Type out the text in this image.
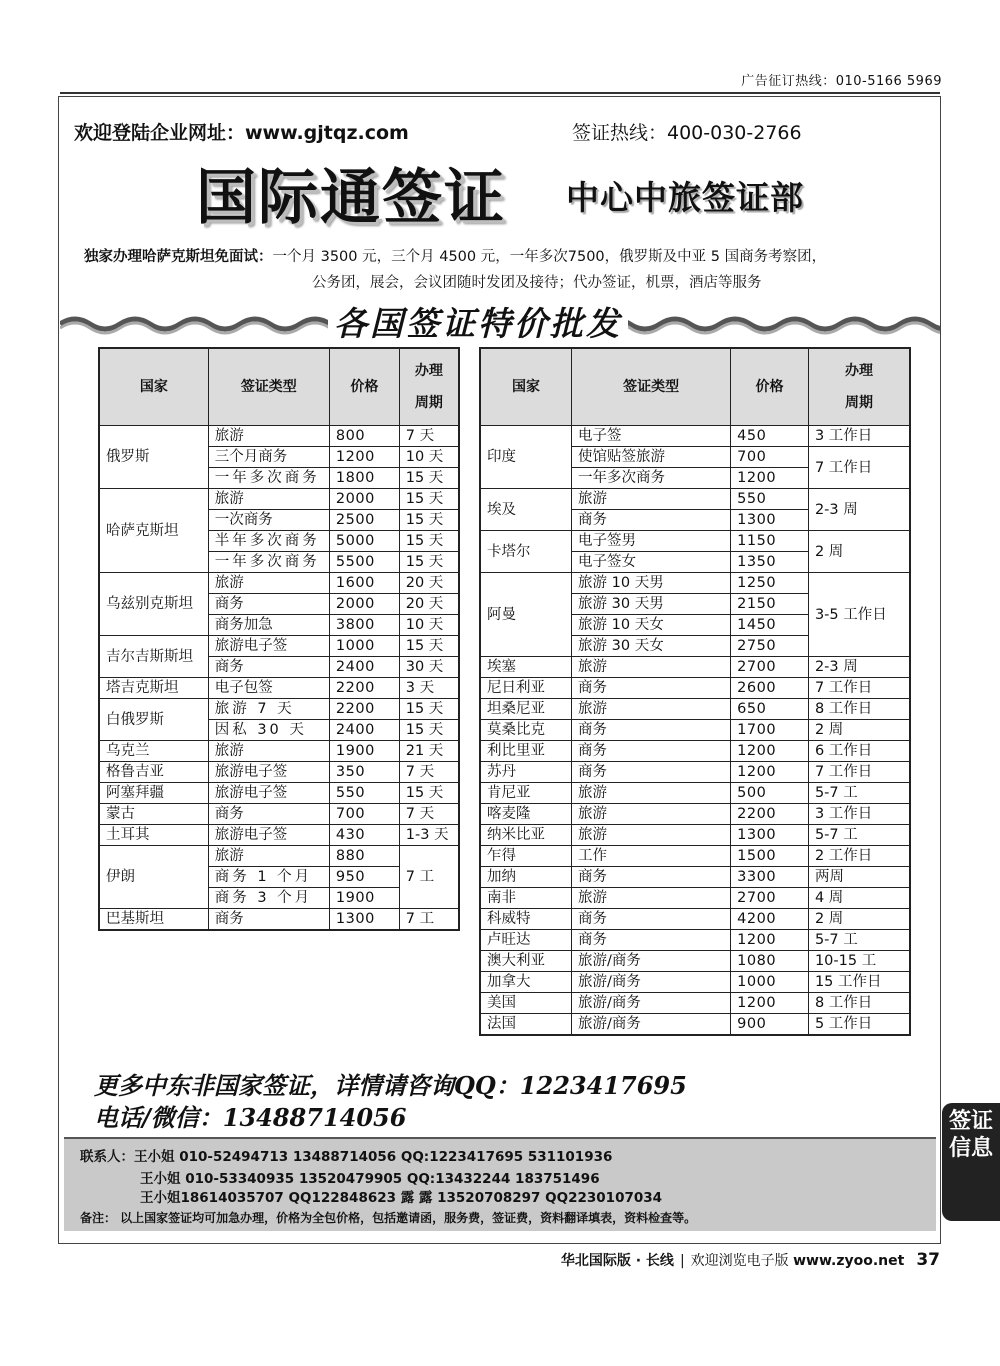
广告征订热线：010-5166 5969
欢迎登陆企业网址：www.gjtqz.com	签证热线：400-030-2766
国际通签证 中心中旅签证部
独家办理哈萨克斯坦免面试：一个月 3500 元，三个月 4500 元，一年多次7500，俄罗斯及中亚 5 国商务考察团，
公务团，展会，会议团随时发团及接待；代办签证，机票，酒店等服务
各国签证特价批发
国家	签证类型	价格	办理
周期

俄罗斯	旅游	800	7 天
	三个月商务	1200	10 天
	一年多次商务	1800	15 天
哈萨克斯坦	旅游	2000	15 天
	一次商务	2500	15 天
	半年多次商务	5000	15 天
	一年多次商务	5500	15 天
乌兹别克斯坦	旅游	1600	20 天
	商务	2000	20 天
	商务加急	3800	10 天
吉尔吉斯斯坦	旅游电子签	1000	15 天
	商务	2400	30 天
塔吉克斯坦	电子包签	2200	3 天
白俄罗斯	旅游 7 天	2200	15 天
	因私 30 天	2400	15 天
乌克兰	旅游	1900	21 天
格鲁吉亚	旅游电子签	350	7 天
阿塞拜疆	旅游电子签	550	15 天
蒙古	商务	700	7 天
土耳其	旅游电子签	430	1-3 天
伊朗	旅游	880	7 工
	商务 1 个月	950	
	商务 3 个月	1900	
巴基斯坦	商务	1300	7 工
国家	签证类型	价格	办理
周期

印度	电子签	450	3 工作日
	使馆贴签旅游	700	7 工作日
	一年多次商务	1200	
埃及	旅游	550	2-3 周
	商务	1300	
卡塔尔	电子签男	1150	2 周
	电子签女	1350	
阿曼	旅游 10 天男	1250	3-5 工作日
	旅游 30 天男	2150	
	旅游 10 天女	1450	
	旅游 30 天女	2750	
埃塞	旅游	2700	2-3 周
尼日利亚	商务	2600	7 工作日
坦桑尼亚	旅游	650	8 工作日
莫桑比克	商务	1700	2 周
利比里亚	商务	1200	6 工作日
苏丹	商务	1200	7 工作日
肯尼亚	旅游	500	5-7 工
喀麦隆	旅游	2200	3 工作日
纳米比亚	旅游	1300	5-7 工
乍得	工作	1500	2 工作日
加纳	商务	3300	两周
南非	旅游	2700	4 周
科威特	商务	4200	2 周
卢旺达	商务	1200	5-7 工
澳大利亚	旅游/商务	1080	10-15 工
加拿大	旅游/商务	1000	15 工作日
美国	旅游/商务	1200	8 工作日
法国	旅游/商务	900	5 工作日
更多中东非国家签证，详情请咨询QQ：1223417695
电话/微信：13488714056
联系人：王小姐 010-52494713 13488714056 QQ:1223417695 531101936
王小姐 010-53340935 13520479905 QQ:13432244 183751496
王小姐18614035707 QQ122848623 露 露 13520708297 QQ2230107034
备注： 以上国家签证均可加急办理，价格为全包价格，包括邀请函，服务费，签证费，资料翻译填表，资料检查等。
签证
信息
华北国际版 · 长线 | 欢迎浏览电子版 www.zyoo.net 37
